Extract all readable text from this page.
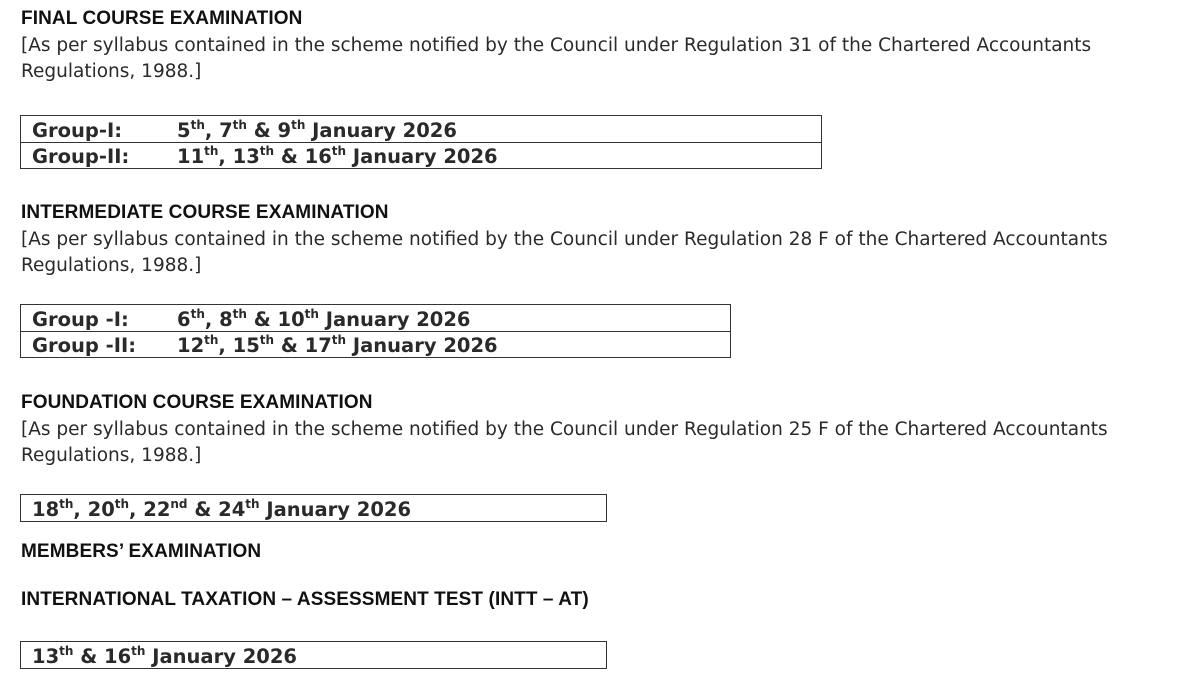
FINAL COURSE EXAMINATION

[As per syllabus contained in the scheme notified by the Council under Regulation 31 of the Chartered Accountants Regulations, 1988.]

Group-I:	5th, 7th & 9th January 2026
Group-II:	11th, 13th & 16th January 2026
INTERMEDIATE COURSE EXAMINATION

[As per syllabus contained in the scheme notified by the Council under Regulation 28 F of the Chartered Accountants Regulations, 1988.]

Group -I:	6th, 8th & 10th January 2026
Group -II:	12th, 15th & 17th January 2026
FOUNDATION COURSE EXAMINATION

[As per syllabus contained in the scheme notified by the Council under Regulation 25 F of the Chartered Accountants Regulations, 1988.]

18th, 20th, 22nd & 24th January 2026
MEMBERS’ EXAMINATION
INTERNATIONAL TAXATION – ASSESSMENT TEST (INTT – AT)
13th & 16th January 2026
